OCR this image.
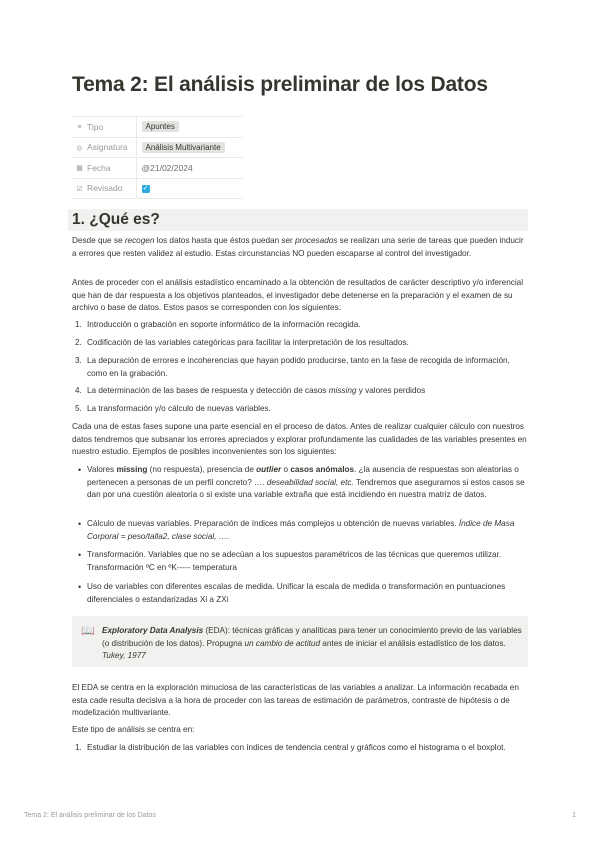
Tema 2: El análisis preliminar de los Datos
≡ Tipo	Apuntes
◎ Asignatura	Análisis Multivariante
▦ Fecha	@21/02/2024
☑ Revisado	✓
1. ¿Qué es?
Desde que se recogen los datos hasta que éstos puedan ser procesados se realizan una serie de tareas que pueden inducir a errores que resten validez al estudio. Estas circunstancias NO pueden escaparse al control del investigador.
Antes de proceder con el análisis estadístico encaminado a la obtención de resultados de carácter descriptivo y/o inferencial que han de dar respuesta a los objetivos planteados, el investigador debe detenerse en la preparación y el examen de su archivo o base de datos. Estos pasos se corresponden con los siguientes:
1. Introducción o grabación en soporte informático de la información recogida.
2. Codificación de las variables categóricas para facilitar la interpretación de los resultados.
3. La depuración de errores e incoherencias que hayan podido producirse, tanto en la fase de recogida de información, como en la grabación.
4. La determinación de las bases de respuesta y detección de casos missing y valores perdidos
5. La transformación y/o cálculo de nuevas variables.
Cada una de estas fases supone una parte esencial en el proceso de datos. Antes de realizar cualquier cálculo con nuestros datos tendremos que subsanar los errores apreciados y explorar profundamente las cualidades de las variables presentes en nuestro estudio. Ejemplos de posibles inconvenientes son los siguientes:
• Valores missing (no respuesta), presencia de outlier o casos anómalos. ¿la ausencia de respuestas son aleatorias o pertenecen a personas de un perfil concreto? …. deseabilidad social, etc. Tendremos que asegurarnos si estos casos se dan por una cuestión aleatoria o si existe una variable extraña que está incidiendo en nuestra matriz de datos.
• Cálculo de nuevas variables. Preparación de índices más complejos u obtención de nuevas variables. Índice de Masa Corporal = peso/talla2, clase social, ….
• Transformación. Variables que no se adecúan a los supuestos paramétricos de las técnicas que queremos utilizar. Transformación ºC en ºK----- temperatura
• Uso de variables con diferentes escalas de medida. Unificar la escala de medida o transformación en puntuaciones diferenciales o estandarizadas Xi a ZXi
📖 Exploratory Data Analysis (EDA): técnicas gráficas y analíticas para tener un conocimiento previo de las variables (o distribución de los datos). Propugna un cambio de actitud antes de iniciar el análisis estadístico de los datos. Tukey, 1977
El EDA se centra en la exploración minuciosa de las características de las variables a analizar. La información recabada en esta cade resulta decisiva a la hora de proceder con las tareas de estimación de parámetros, contraste de hipótesis o de modelización multivariante.
Este tipo de análisis se centra en:
1. Estudiar la distribución de las variables con índices de tendencia central y gráficos como el histograma o el boxplot.
Tema 2: El análisis preliminar de los Datos	1
